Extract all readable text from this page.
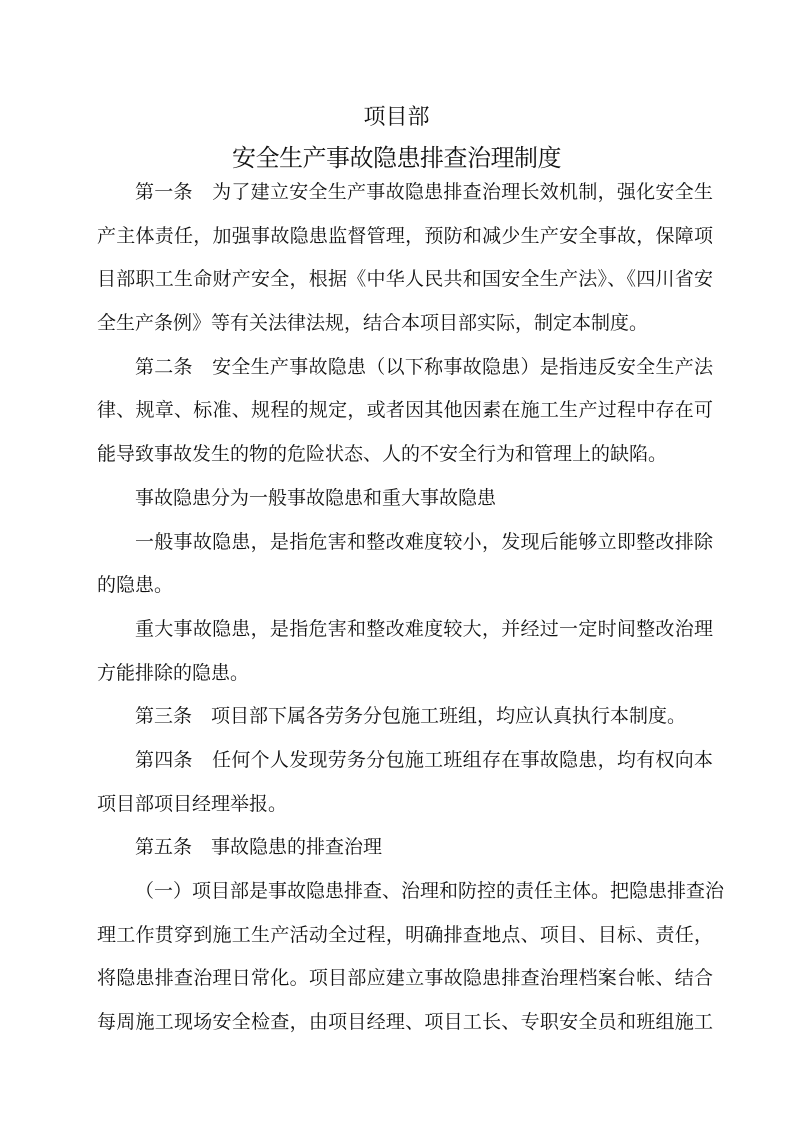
项目部
安全生产事故隐患排查治理制度
第一条　为了建立安全生产事故隐患排查治理长效机制，强化安全生
产主体责任，加强事故隐患监督管理，预防和减少生产安全事故，保障项
目部职工生命财产安全，根据《中华人民共和国安全生产法》、《四川省安
全生产条例》等有关法律法规，结合本项目部实际，制定本制度。
第二条　安全生产事故隐患（以下称事故隐患）是指违反安全生产法
律、规章、标准、规程的规定，或者因其他因素在施工生产过程中存在可
能导致事故发生的物的危险状态、人的不安全行为和管理上的缺陷。
事故隐患分为一般事故隐患和重大事故隐患
一般事故隐患，是指危害和整改难度较小，发现后能够立即整改排除
的隐患。
重大事故隐患，是指危害和整改难度较大，并经过一定时间整改治理
方能排除的隐患。
第三条　项目部下属各劳务分包施工班组，均应认真执行本制度。
第四条　任何个人发现劳务分包施工班组存在事故隐患，均有权向本
项目部项目经理举报。
第五条　事故隐患的排查治理
（一）项目部是事故隐患排查、治理和防控的责任主体。把隐患排查治
理工作贯穿到施工生产活动全过程，明确排查地点、项目、目标、责任，
将隐患排查治理日常化。项目部应建立事故隐患排查治理档案台帐、结合
每周施工现场安全检查，由项目经理、项目工长、专职安全员和班组施工
